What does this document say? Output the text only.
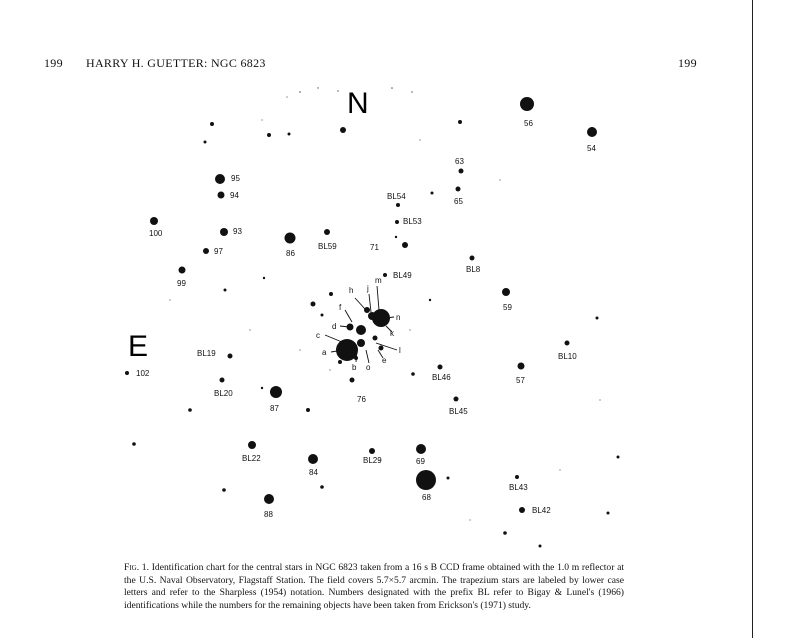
199 HARRY H. GUETTER: NGC 6823	199
N
E
56
54
63
65
95
94	BL54
BL53
100	93
97	86
BL59	71
BL8
BL49
99
59
h j
m
f
n
d
k
c
a	l
b o
e	BL10
BL19
102	BL46	57
76
BL20
87	BL45
BL22
84
BL29	69
68
BL43
BL42
88
Fig. 1. Identification chart for the central stars in NGC 6823 taken from a 16 s B CCD frame obtained with the 1.0 m reflector at the U.S. Naval Observatory, Flagstaff Station. The field covers 5.7×5.7 arcmin. The trapezium stars are labeled by lower case letters and refer to the Sharpless (1954) notation. Numbers designated with the prefix BL refer to Bigay & Lunel's (1966) identifications while the numbers for the remaining objects have been taken from Erickson's (1971) study.
